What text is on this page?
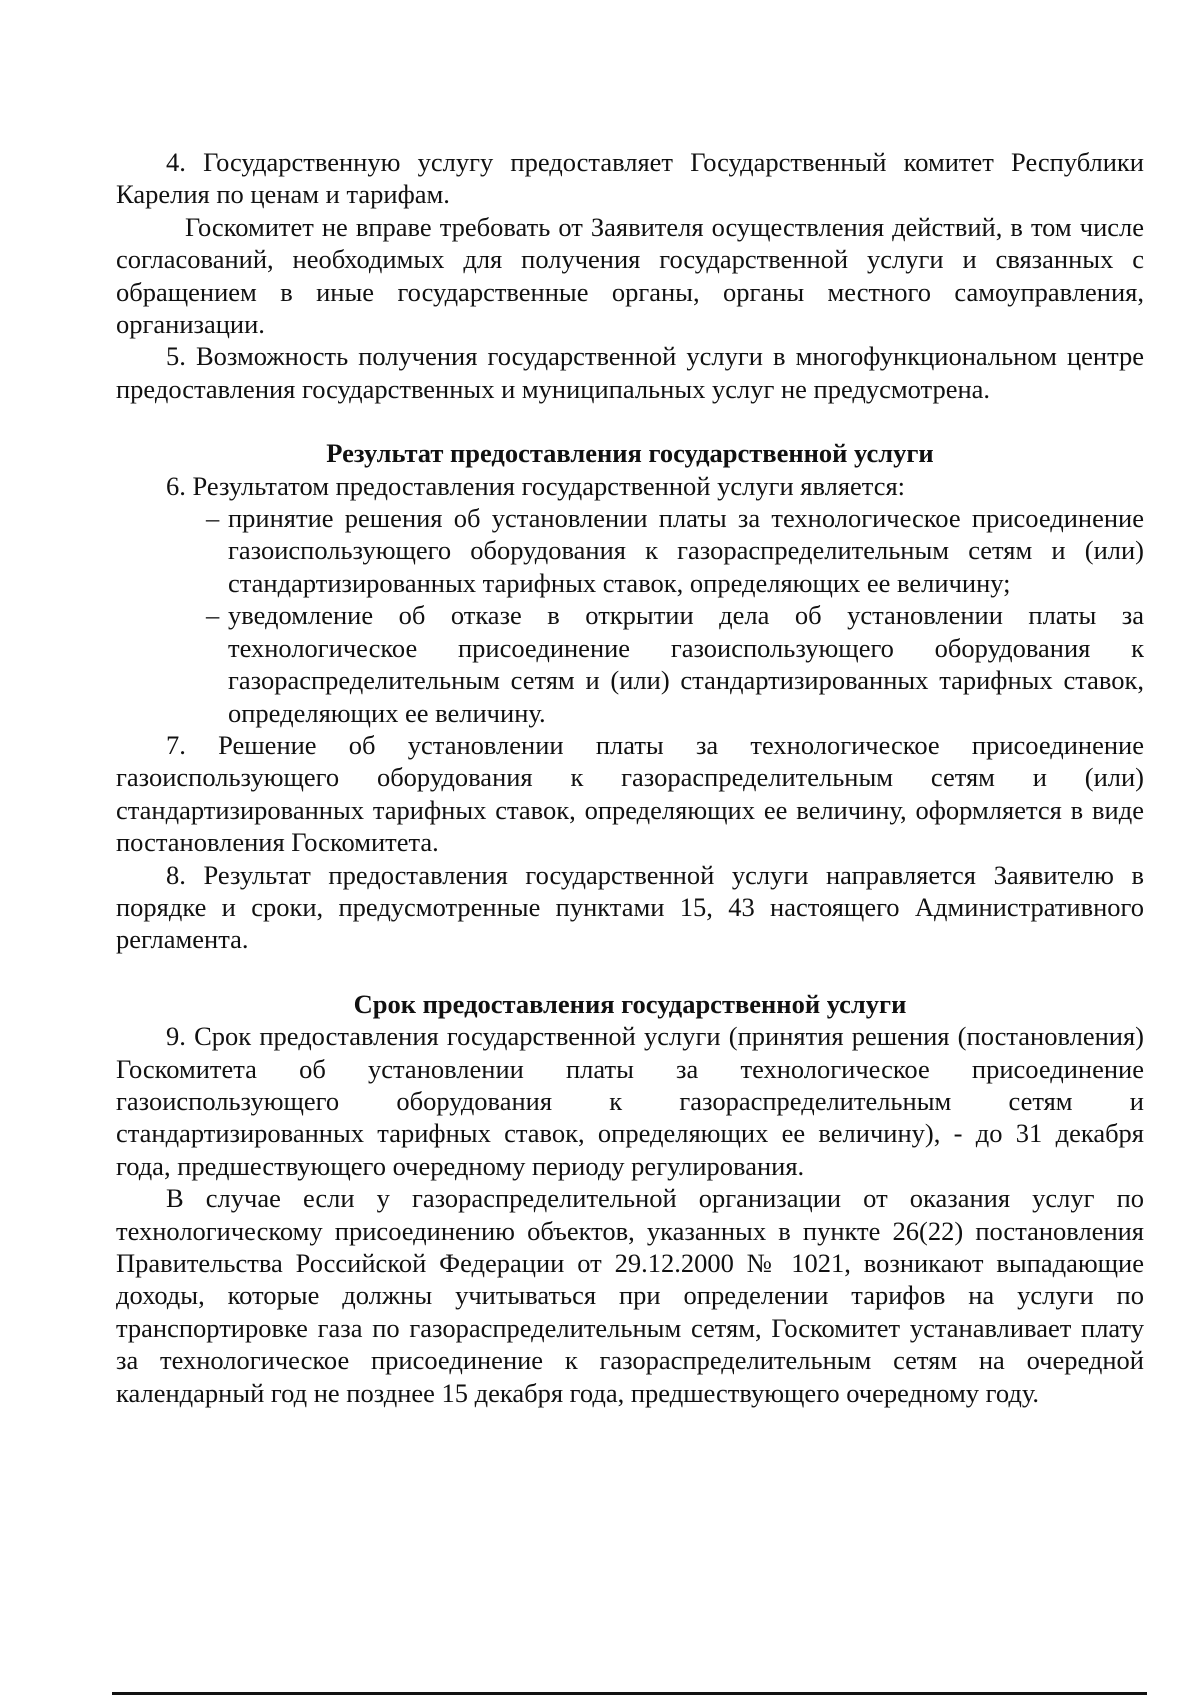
4. Государственную услугу предоставляет Государственный комитет Республики Карелия по ценам и тарифам.

Госкомитет не вправе требовать от Заявителя осуществления действий, в том числе согласований, необходимых для получения государственной услуги и связанных с обращением в иные государственные органы, органы местного самоуправления, организации.

5. Возможность получения государственной услуги в многофункциональном центре предоставления государственных и муниципальных услуг не предусмотрена.

Результат предоставления государственной услуги

6. Результатом предоставления государственной услуги является:

– принятие решения об установлении платы за технологическое присоединение газоиспользующего оборудования к газораспределительным сетям и (или) стандартизированных тарифных ставок, определяющих ее величину;
– уведомление об отказе в открытии дела об установлении платы за технологическое присоединение газоиспользующего оборудования к газораспределительным сетям и (или) стандартизированных тарифных ставок, определяющих ее величину.

7. Решение об установлении платы за технологическое присоединение газоиспользующего оборудования к газораспределительным сетям и (или) стандартизированных тарифных ставок, определяющих ее величину, оформляется в виде постановления Госкомитета.

8. Результат предоставления государственной услуги направляется Заявителю в порядке и сроки, предусмотренные пунктами 15, 43 настоящего Административного регламента.

Срок предоставления государственной услуги

9. Срок предоставления государственной услуги (принятия решения (постановления) Госкомитета об установлении платы за технологическое присоединение газоиспользующего оборудования к газораспределительным сетям и стандартизированных тарифных ставок, определяющих ее величину), - до 31 декабря года, предшествующего очередному периоду регулирования.

В случае если у газораспределительной организации от оказания услуг по технологическому присоединению объектов, указанных в пункте 26(22) постановления Правительства Российской Федерации от 29.12.2000 № 1021, возникают выпадающие доходы, которые должны учитываться при определении тарифов на услуги по транспортировке газа по газораспределительным сетям, Госкомитет устанавливает плату за технологическое присоединение к газораспределительным сетям на очередной календарный год не позднее 15 декабря года, предшествующего очередному году.
